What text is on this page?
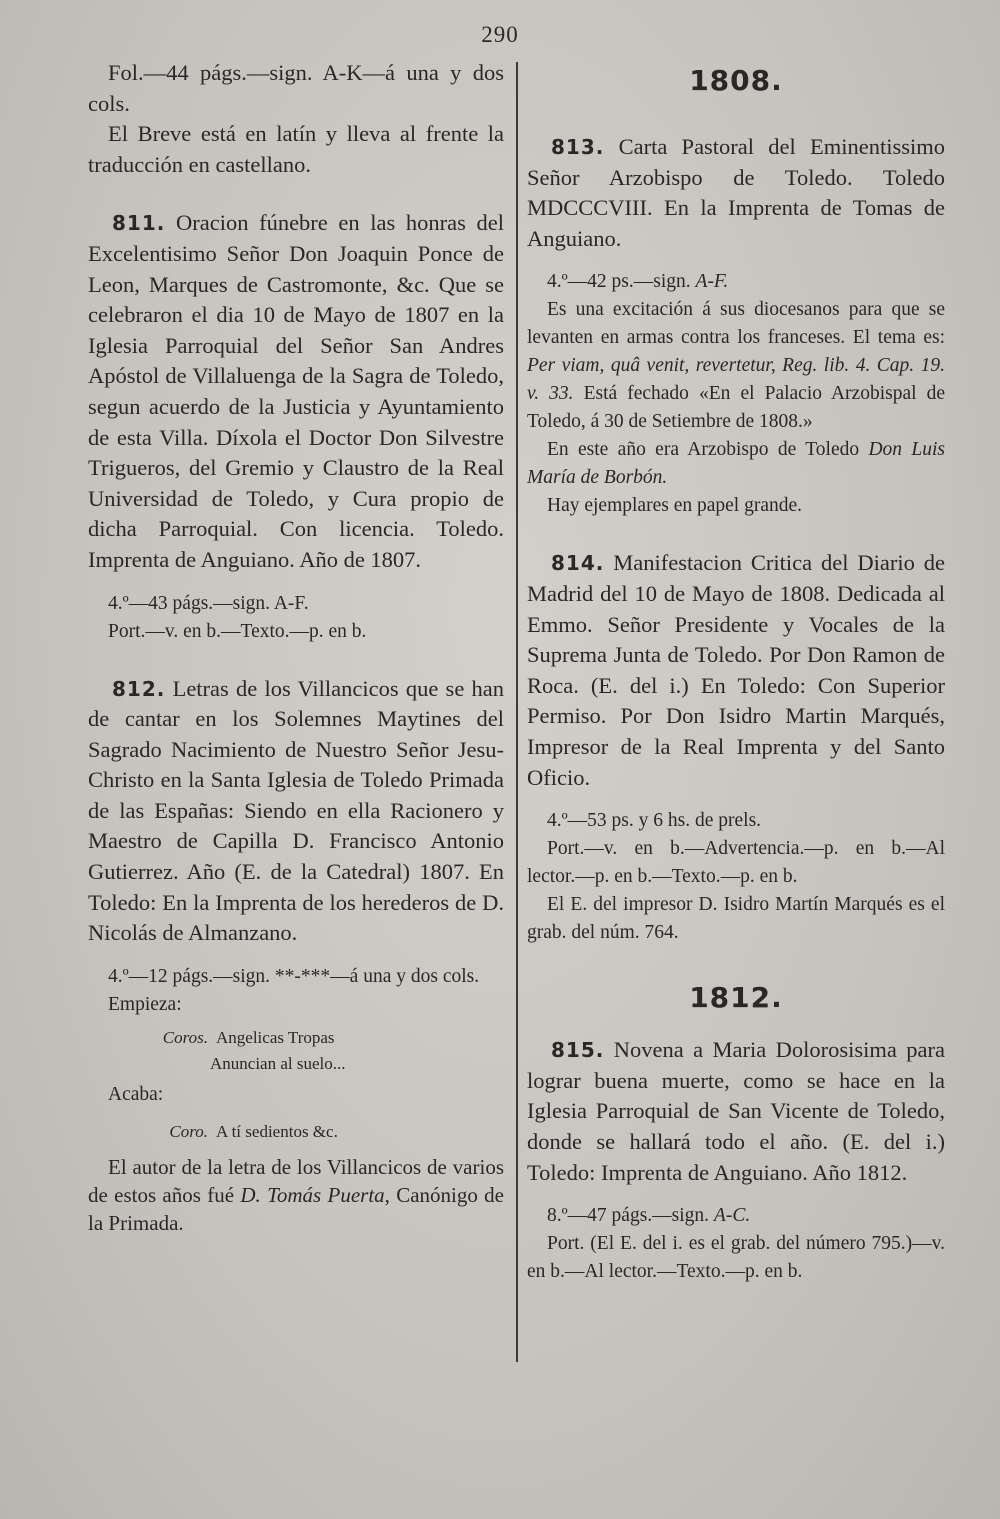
290

Fol.—44 págs.—sign. A-K—á una y dos cols.

El Breve está en latín y lleva al frente la traducción en castellano.

811. Oracion fúnebre en las honras del Excelentisimo Señor Don Joaquin Ponce de Leon, Marques de Castromonte, &c. Que se celebraron el dia 10 de Mayo de 1807 en la Iglesia Parroquial del Señor San Andres Apóstol de Villaluenga de la Sagra de Toledo, segun acuerdo de la Justicia y Ayuntamiento de esta Villa. Díxola el Doctor Don Silvestre Trigueros, del Gremio y Claustro de la Real Universidad de Toledo, y Cura propio de dicha Parroquial. Con licencia. Toledo. Imprenta de Anguiano. Año de 1807.

4.º—43 págs.—sign. A-F.

Port.—v. en b.—Texto.—p. en b.

812. Letras de los Villancicos que se han de cantar en los Solemnes Maytines del Sagrado Nacimiento de Nuestro Señor Jesu-Christo en la Santa Iglesia de Toledo Primada de las Españas: Siendo en ella Racionero y Maestro de Capilla D. Francisco Antonio Gutierrez. Año (E. de la Catedral) 1807. En Toledo: En la Imprenta de los herederos de D. Nicolás de Almanzano.

4.º—12 págs.—sign. **-***—á una y dos cols.

Empieza:

Coros. Angelicas Tropas
Anuncian al suelo...

Acaba:

Coro. A tí sedientos &c.

El autor de la letra de los Villancicos de varios de estos años fué D. Tomás Puerta, Canónigo de la Primada.

1808.

813. Carta Pastoral del Eminentissimo Señor Arzobispo de Toledo. Toledo MDCCCVIII. En la Imprenta de Tomas de Anguiano.

4.º—42 ps.—sign. A-F.

Es una excitación á sus diocesanos para que se levanten en armas contra los franceses. El tema es: Per viam, quâ venit, revertetur, Reg. lib. 4. Cap. 19. v. 33. Está fechado «En el Palacio Arzobispal de Toledo, á 30 de Setiembre de 1808.»

En este año era Arzobispo de Toledo Don Luis María de Borbón.

Hay ejemplares en papel grande.

814. Manifestacion Critica del Diario de Madrid del 10 de Mayo de 1808. Dedicada al Emmo. Señor Presidente y Vocales de la Suprema Junta de Toledo. Por Don Ramon de Roca. (E. del i.) En Toledo: Con Superior Permiso. Por Don Isidro Martin Marqués, Impresor de la Real Imprenta y del Santo Oficio.

4.º—53 ps. y 6 hs. de prels.

Port.—v. en b.—Advertencia.—p. en b.—Al lector.—p. en b.—Texto.—p. en b.

El E. del impresor D. Isidro Martín Marqués es el grab. del núm. 764.

1812.

815. Novena a Maria Dolorosisima para lograr buena muerte, como se hace en la Iglesia Parroquial de San Vicente de Toledo, donde se hallará todo el año. (E. del i.) Toledo: Imprenta de Anguiano. Año 1812.

8.º—47 págs.—sign. A-C.

Port. (El E. del i. es el grab. del número 795.)—v. en b.—Al lector.—Texto.—p. en b.
